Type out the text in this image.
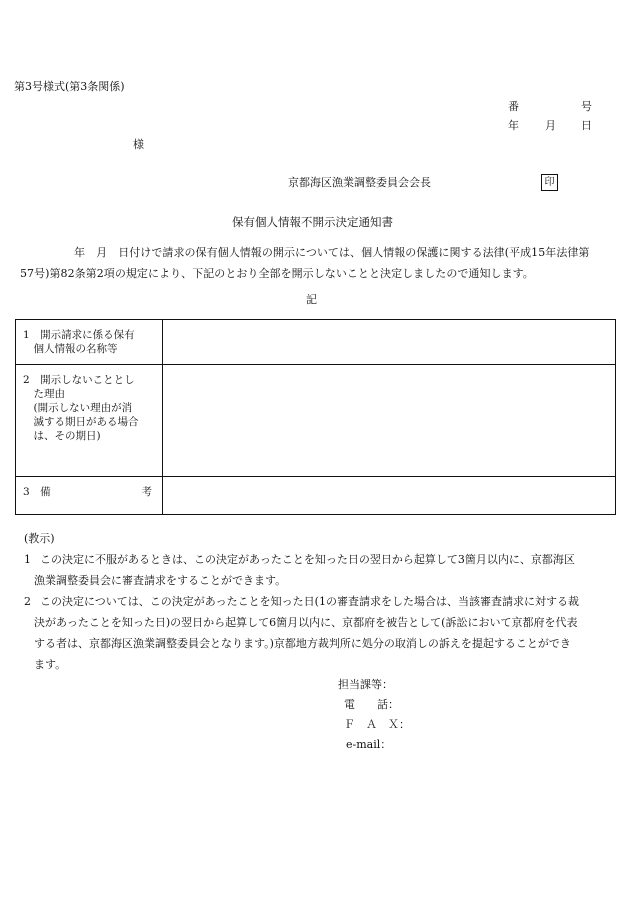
第3号様式(第3条関係)
番	号
年 月 日
様
京都海区漁業調整委員会会長	印
保有個人情報不開示決定通知書
年　月　日付けで請求の保有個人情報の開示については、個人情報の保護に関する法律(平成15年法律第
57号)第82条第2項の規定により、下記のとおり全部を開示しないことと決定しましたので通知します。
記
1　開示請求に係る保有
　個人情報の名称等	

2　開示しないこととし
　た理由
　(開示しない理由が消
　滅する期日がある場合
　は、その期日)	

3　備 考	

(教示)

1 この決定に不服があるときは、この決定があったことを知った日の翌日から起算して3箇月以内に、京都海区
漁業調整委員会に審査請求をすることができます。
2 この決定については、この決定があったことを知った日(1の審査請求をした場合は、当該審査請求に対する裁
決があったことを知った日)の翌日から起算して6箇月以内に、京都府を被告として(訴訟において京都府を代表
する者は、京都海区漁業調整委員会となります。)京都地方裁判所に処分の取消しの訴えを提起することができ
ます。
担当課等：
電　　話：
Ｆ　Ａ　Ｘ：
e-mail：
